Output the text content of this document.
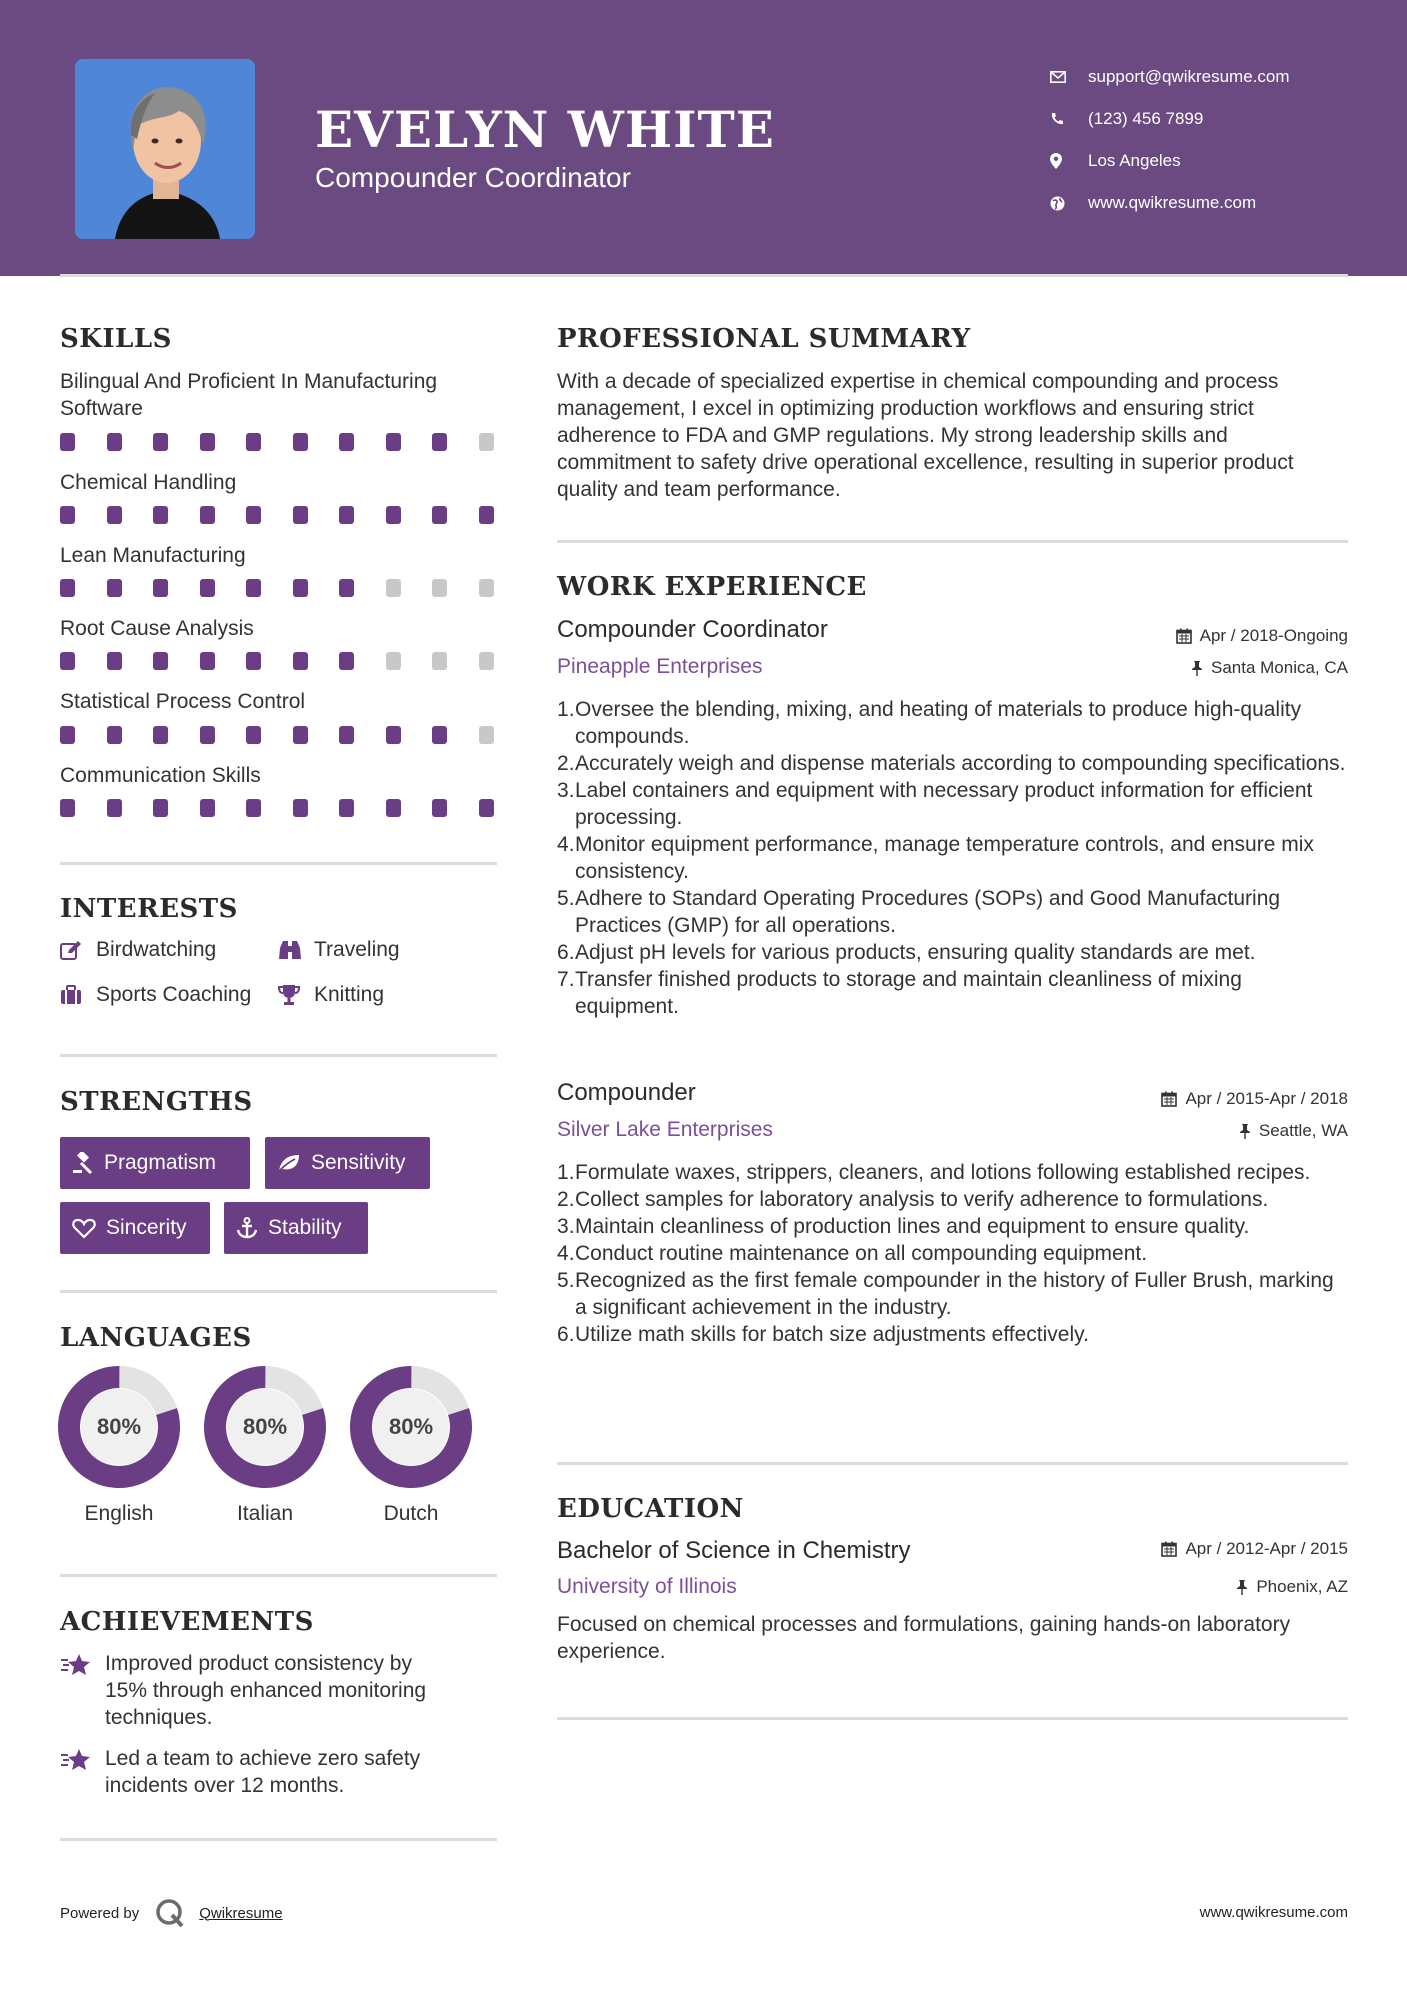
EVELYN WHITE
Compounder Coordinator
support@qwikresume.com
(123) 456 7899
Los Angeles
www.qwikresume.com
SKILLS
Bilingual And Proficient In Manufacturing Software
Chemical Handling
Lean Manufacturing
Root Cause Analysis
Statistical Process Control
Communication Skills
INTERESTS
Birdwatching	Traveling
Sports Coaching	Knitting
STRENGTHS
Pragmatism	Sensitivity
Sincerity	Stability
LANGUAGES
80%
English
80%
Italian
80%
Dutch
ACHIEVEMENTS
Improved product consistency by 15% through enhanced monitoring techniques.
Led a team to achieve zero safety incidents over 12 months.
PROFESSIONAL SUMMARY
With a decade of specialized expertise in chemical compounding and process management, I excel in optimizing production workflows and ensuring strict adherence to FDA and GMP regulations. My strong leadership skills and commitment to safety drive operational excellence, resulting in superior product quality and team performance.
WORK EXPERIENCE
Compounder Coordinator	Apr / 2018-Ongoing
Pineapple Enterprises	Santa Monica, CA
Oversee the blending, mixing, and heating of materials to produce high-quality compounds.
Accurately weigh and dispense materials according to compounding specifications.
Label containers and equipment with necessary product information for efficient processing.
Monitor equipment performance, manage temperature controls, and ensure mix consistency.
Adhere to Standard Operating Procedures (SOPs) and Good Manufacturing Practices (GMP) for all operations.
Adjust pH levels for various products, ensuring quality standards are met.
Transfer finished products to storage and maintain cleanliness of mixing equipment.
Compounder	Apr / 2015-Apr / 2018
Silver Lake Enterprises	Seattle, WA
Formulate waxes, strippers, cleaners, and lotions following established recipes.
Collect samples for laboratory analysis to verify adherence to formulations.
Maintain cleanliness of production lines and equipment to ensure quality.
Conduct routine maintenance on all compounding equipment.
Recognized as the first female compounder in the history of Fuller Brush, marking a significant achievement in the industry.
Utilize math skills for batch size adjustments effectively.
EDUCATION
Bachelor of Science in Chemistry	Apr / 2012-Apr / 2015
University of Illinois	Phoenix, AZ
Focused on chemical processes and formulations, gaining hands-on laboratory experience.
Powered by	Qwikresume	www.qwikresume.com
